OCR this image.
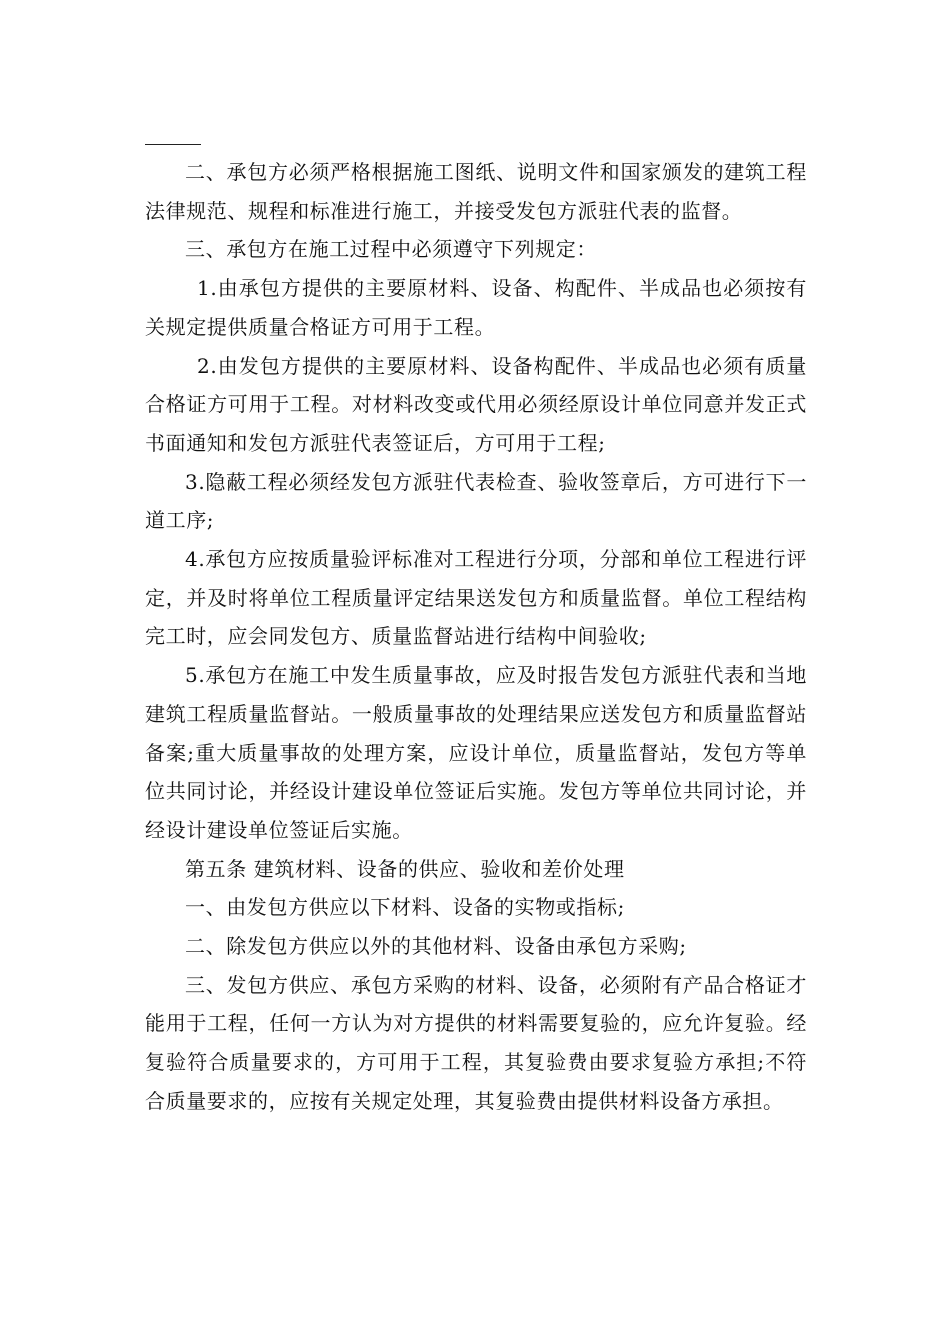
二、承包方必须严格根据施工图纸、说明文件和国家颁发的建筑工程法律规范、规程和标准进行施工，并接受发包方派驻代表的监督。

三、承包方在施工过程中必须遵守下列规定：

1.由承包方提供的主要原材料、设备、构配件、半成品也必须按有关规定提供质量合格证方可用于工程。

2.由发包方提供的主要原材料、设备构配件、半成品也必须有质量合格证方可用于工程。对材料改变或代用必须经原设计单位同意并发正式书面通知和发包方派驻代表签证后，方可用于工程;

3.隐蔽工程必须经发包方派驻代表检查、验收签章后，方可进行下一道工序;

4.承包方应按质量验评标准对工程进行分项，分部和单位工程进行评定，并及时将单位工程质量评定结果送发包方和质量监督。单位工程结构完工时，应会同发包方、质量监督站进行结构中间验收;

5.承包方在施工中发生质量事故，应及时报告发包方派驻代表和当地建筑工程质量监督站。一般质量事故的处理结果应送发包方和质量监督站备案;重大质量事故的处理方案，应设计单位，质量监督站，发包方等单位共同讨论，并经设计建设单位签证后实施。发包方等单位共同讨论，并经设计建设单位签证后实施。

第五条 建筑材料、设备的供应、验收和差价处理

一、由发包方供应以下材料、设备的实物或指标;

二、除发包方供应以外的其他材料、设备由承包方采购;

三、发包方供应、承包方采购的材料、设备，必须附有产品合格证才能用于工程，任何一方认为对方提供的材料需要复验的，应允许复验。经复验符合质量要求的，方可用于工程，其复验费由要求复验方承担;不符合质量要求的，应按有关规定处理，其复验费由提供材料设备方承担。
